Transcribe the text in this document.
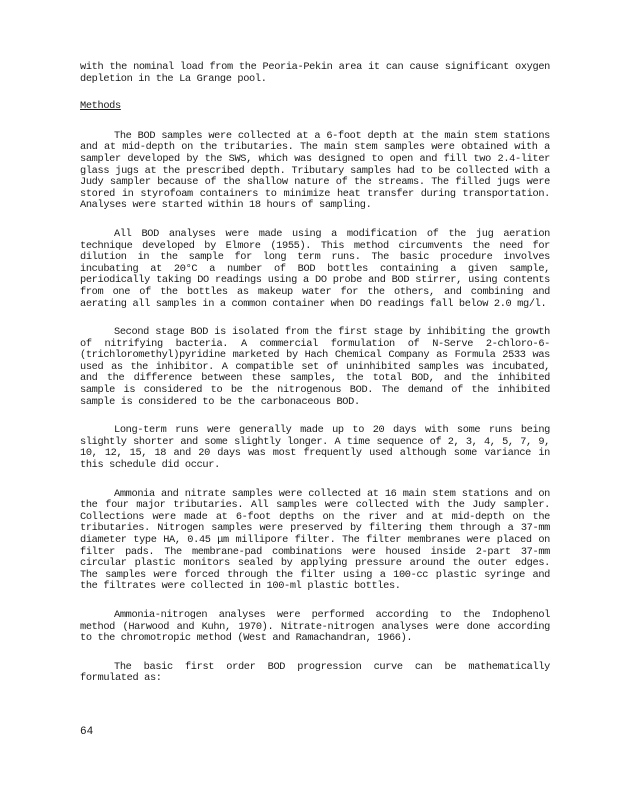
with the nominal load from the Peoria-Pekin area it can cause significant oxygen depletion in the La Grange pool.

Methods

The BOD samples were collected at a 6-foot depth at the main stem stations and at mid-depth on the tributaries. The main stem samples were obtained with a sampler developed by the SWS, which was designed to open and fill two 2.4-liter glass jugs at the prescribed depth. Tributary samples had to be collected with a Judy sampler because of the shallow nature of the streams. The filled jugs were stored in styrofoam containers to minimize heat transfer during transportation. Analyses were started within 18 hours of sampling.

All BOD analyses were made using a modification of the jug aeration technique developed by Elmore (1955). This method circumvents the need for dilution in the sample for long term runs. The basic procedure involves incubating at 20°C a number of BOD bottles containing a given sample, periodically taking DO readings using a DO probe and BOD stirrer, using contents from one of the bottles as makeup water for the others, and combining and aerating all samples in a common container when DO readings fall below 2.0 mg/l.

Second stage BOD is isolated from the first stage by inhibiting the growth of nitrifying bacteria. A commercial formulation of N-Serve 2-chloro-6-(trichloromethyl)pyridine marketed by Hach Chemical Company as Formula 2533 was used as the inhibitor. A compatible set of uninhibited samples was incubated, and the difference between these samples, the total BOD, and the inhibited sample is considered to be the nitrogenous BOD. The demand of the inhibited sample is considered to be the carbonaceous BOD.

Long-term runs were generally made up to 20 days with some runs being slightly shorter and some slightly longer. A time sequence of 2, 3, 4, 5, 7, 9, 10, 12, 15, 18 and 20 days was most frequently used although some variance in this schedule did occur.

Ammonia and nitrate samples were collected at 16 main stem stations and on the four major tributaries. All samples were collected with the Judy sampler. Collections were made at 6-foot depths on the river and at mid-depth on the tributaries. Nitrogen samples were preserved by filtering them through a 37-mm diameter type HA, 0.45 μm millipore filter. The filter membranes were placed on filter pads. The membrane-pad combinations were housed inside 2-part 37-mm circular plastic monitors sealed by applying pressure around the outer edges. The samples were forced through the filter using a 100-cc plastic syringe and the filtrates were collected in 100-ml plastic bottles.

Ammonia-nitrogen analyses were performed according to the Indophenol method (Harwood and Kuhn, 1970). Nitrate-nitrogen analyses were done according to the chromotropic method (West and Ramachandran, 1966).

The basic first order BOD progression curve can be mathematically formulated as:

64
